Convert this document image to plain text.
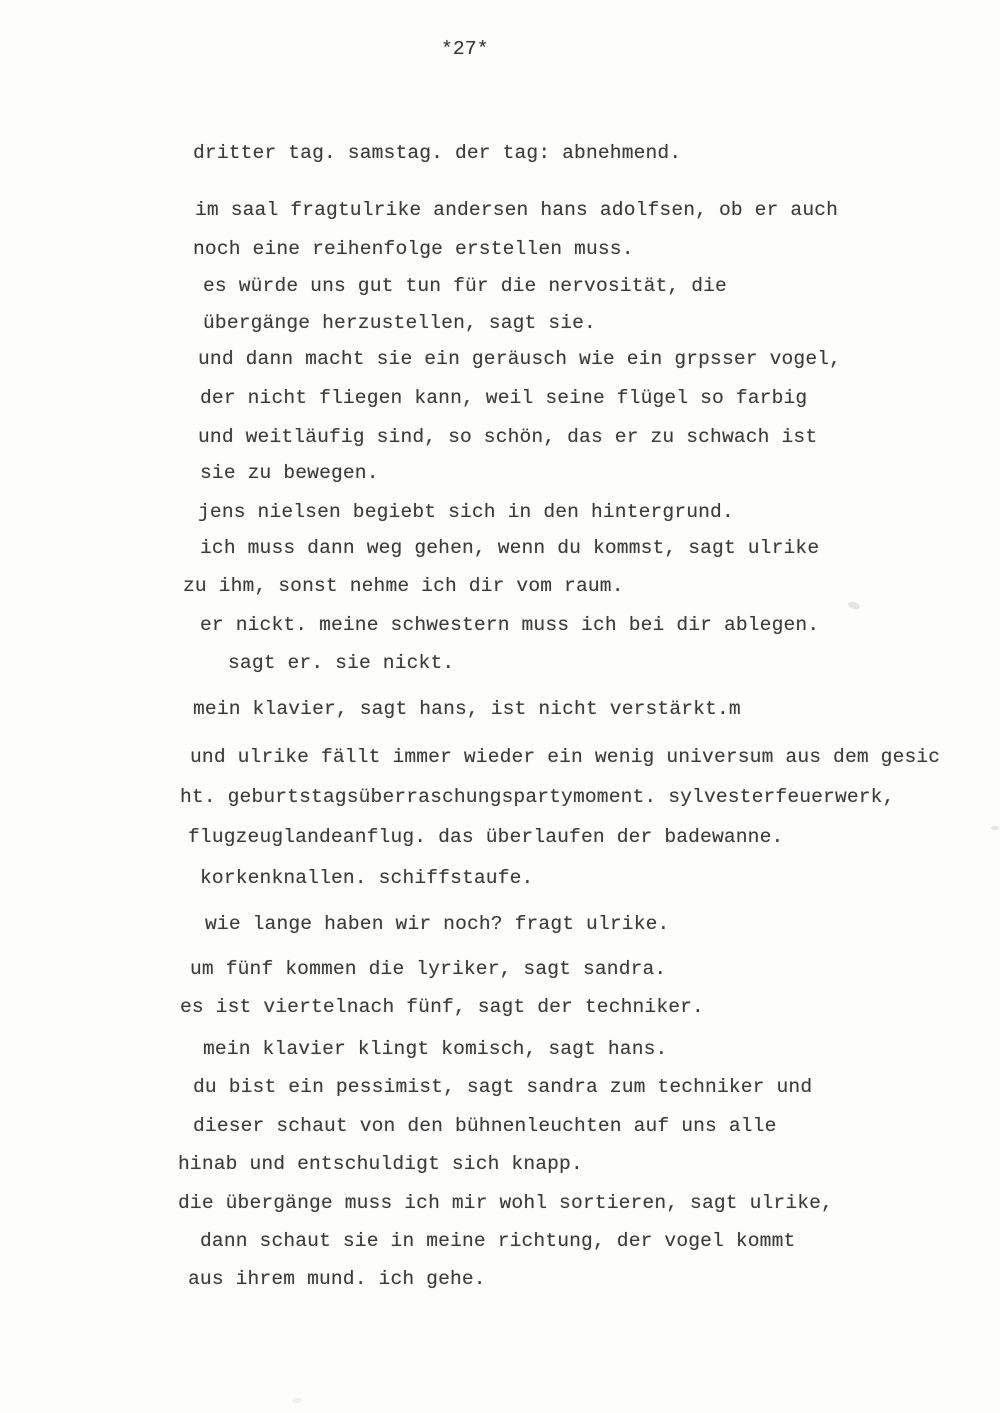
*27*
dritter tag. samstag. der tag: abnehmend.
im saal fragtulrike andersen hans adolfsen, ob er auch
noch eine reihenfolge erstellen muss.
es würde uns gut tun für die nervosität, die
übergänge herzustellen, sagt sie.
und dann macht sie ein geräusch wie ein grpsser vogel,
der nicht fliegen kann, weil seine flügel so farbig
und weitläufig sind, so schön, das er zu schwach ist
sie zu bewegen.
jens nielsen begiebt sich in den hintergrund.
ich muss dann weg gehen, wenn du kommst, sagt ulrike
zu ihm, sonst nehme ich dir vom raum.
er nickt. meine schwestern muss ich bei dir ablegen.
sagt er. sie nickt.
mein klavier, sagt hans, ist nicht verstärkt.m
und ulrike fällt immer wieder ein wenig universum aus dem gesic
ht. geburtstagsüberraschungspartymoment. sylvesterfeuerwerk,
flugzeuglandeanflug. das überlaufen der badewanne.
korkenknallen. schiffstaufe.
wie lange haben wir noch? fragt ulrike.
um fünf kommen die lyriker, sagt sandra.
es ist viertelnach fünf, sagt der techniker.
mein klavier klingt komisch, sagt hans.
du bist ein pessimist, sagt sandra zum techniker und
dieser schaut von den bühnenleuchten auf uns alle
hinab und entschuldigt sich knapp.
die übergänge muss ich mir wohl sortieren, sagt ulrike,
dann schaut sie in meine richtung, der vogel kommt
aus ihrem mund. ich gehe.
